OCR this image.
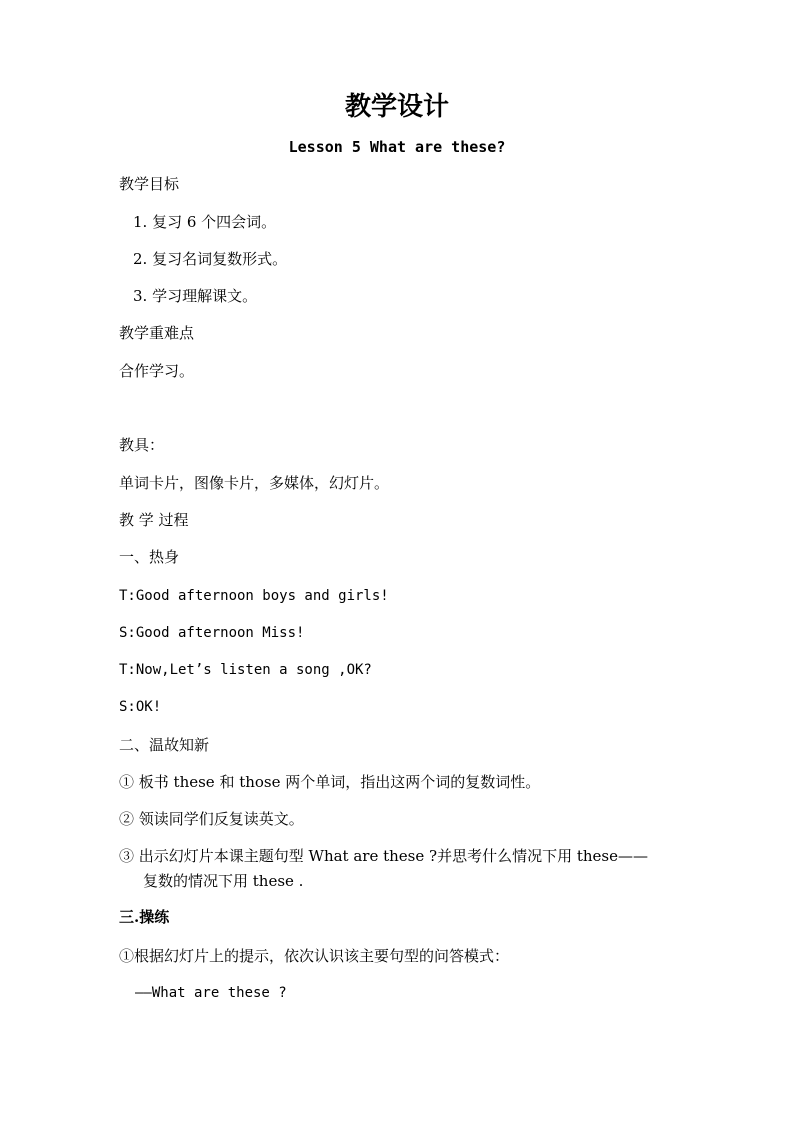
教学设计
Lesson 5 What are these?
教学目标
1. 复习 6 个四会词。
2. 复习名词复数形式。
3. 学习理解课文。
教学重难点
合作学习。
教具：
单词卡片，图像卡片，多媒体，幻灯片。
教 学 过程
一、热身
T:Good afternoon boys and girls!
S:Good afternoon Miss!
T:Now,Let’s listen a song ,OK?
S:OK!
二、温故知新
① 板书 these 和 those 两个单词，指出这两个词的复数词性。
② 领读同学们反复读英文。
③ 出示幻灯片本课主题句型 What are these ?并思考什么情况下用 these——
复数的情况下用 these .
三.操练
①根据幻灯片上的提示，依次认识该主要句型的问答模式：
——What are these ?
